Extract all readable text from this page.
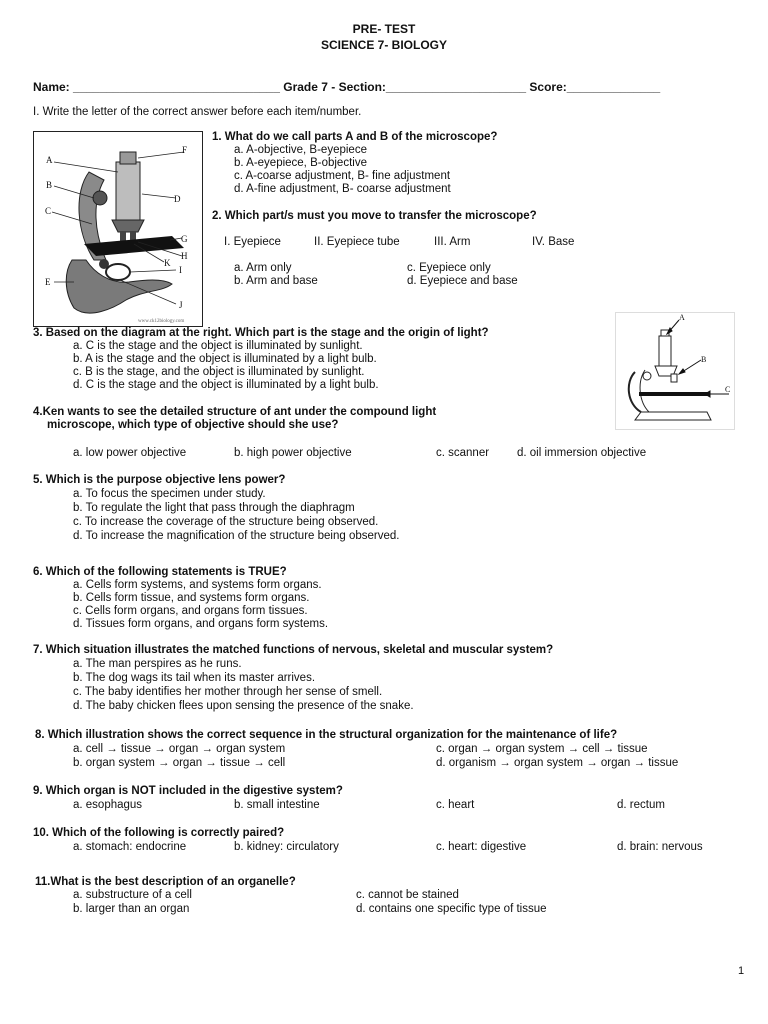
PRE- TEST
SCIENCE 7- BIOLOGY
Name: _______________________________ Grade 7 - Section:_____________________ Score:______________
I. Write the letter of the correct answer before each item/number.
A
B
C
D
E
F
G
H
K
I
J
www.ck12biology.com
1. What do we call parts A and B of the microscope?
a. A-objective, B-eyepiece
b. A-eyepiece, B-objective
c. A-coarse adjustment, B- fine adjustment
d. A-fine adjustment, B- coarse adjustment
2. Which part/s must you move to transfer the microscope?
I. Eyepiece	II. Eyepiece tube	III. Arm	IV. Base
a. Arm only	c. Eyepiece only
b. Arm and base	d. Eyepiece and base
A
B
C
3. Based on the diagram at the right. Which part is the stage and the origin of light?
a. C is the stage and the object is illuminated by sunlight.
b. A is the stage and the object is illuminated by a light bulb.
c. B is the stage, and the object is illuminated by sunlight.
d. C is the stage and the object is illuminated by a light bulb.
4.Ken wants to see the detailed structure of ant under the compound light
microscope, which type of objective should she use?
a. low power objective	b. high power objective	c. scanner d. oil immersion objective
5. Which is the purpose objective lens power?
a. To focus the specimen under study.
b. To regulate the light that pass through the diaphragm
c. To increase the coverage of the structure being observed.
d. To increase the magnification of the structure being observed.
6. Which of the following statements is TRUE?
a. Cells form systems, and systems form organs.
b. Cells form tissue, and systems form organs.
c. Cells form organs, and organs form tissues.
d. Tissues form organs, and organs form systems.
7. Which situation illustrates the matched functions of nervous, skeletal and muscular system?
a. The man perspires as he runs.
b. The dog wags its tail when its master arrives.
c. The baby identifies her mother through her sense of smell.
d. The baby chicken flees upon sensing the presence of the snake.
8. Which illustration shows the correct sequence in the structural organization for the maintenance of life?
a. cell → tissue → organ → organ system	c. organ → organ system → cell → tissue
b. organ system → organ → tissue → cell	d. organism → organ system → organ → tissue
9. Which organ is NOT included in the digestive system?
a. esophagus	b. small intestine	c. heart	d. rectum
10. Which of the following is correctly paired?
a. stomach: endocrine	b. kidney: circulatory	c. heart: digestive	d. brain: nervous
11.What is the best description of an organelle?
a. substructure of a cell	c. cannot be stained
b. larger than an organ	d. contains one specific type of tissue
1
